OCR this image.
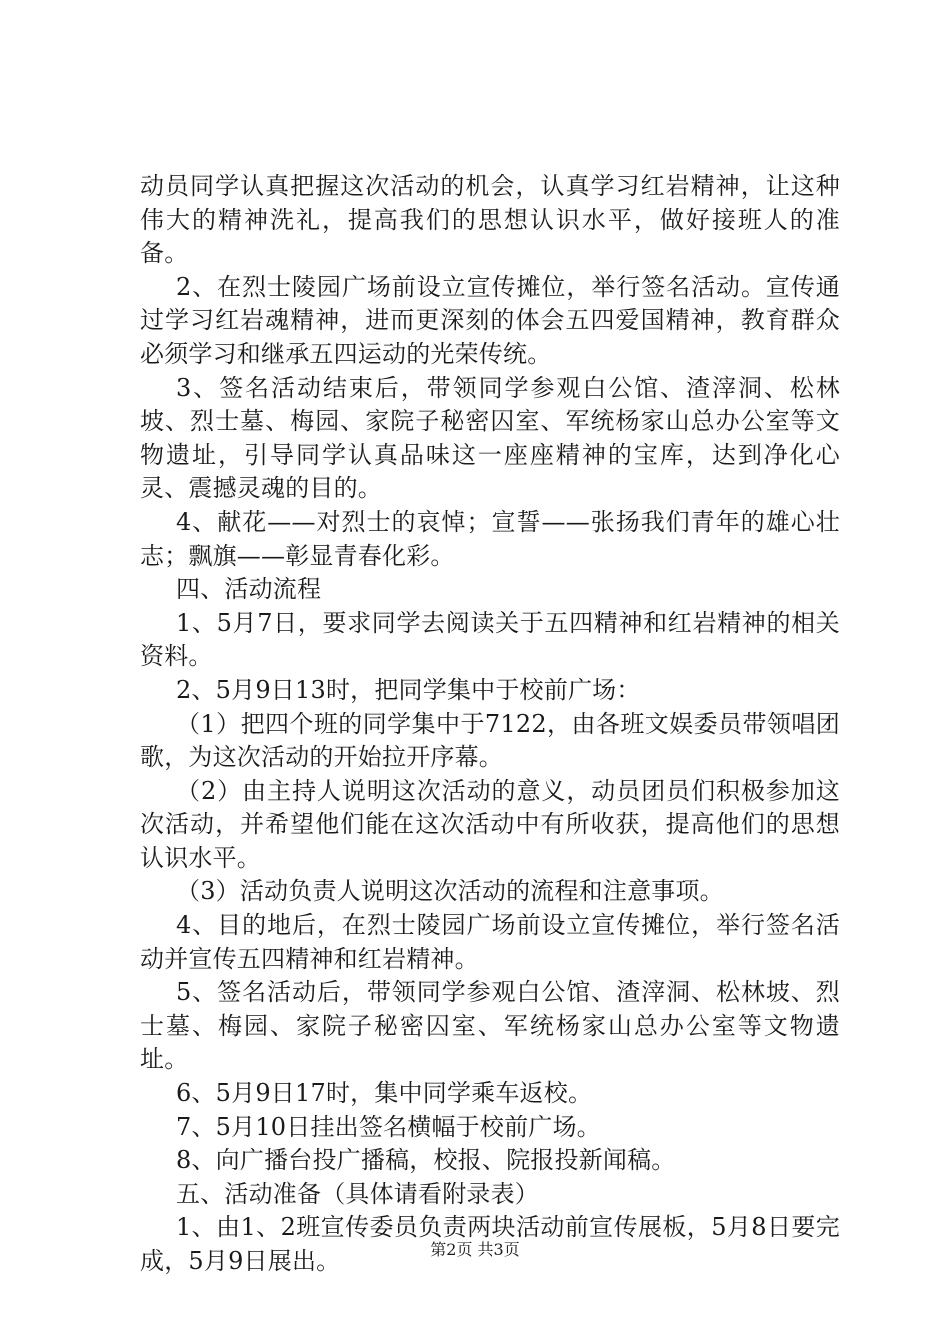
动员同学认真把握这次活动的机会，认真学习红岩精神，让这种伟大的精神洗礼，提高我们的思想认识水平，做好接班人的准备。

2、在烈士陵园广场前设立宣传摊位，举行签名活动。宣传通过学习红岩魂精神，进而更深刻的体会五四爱国精神，教育群众必须学习和继承五四运动的光荣传统。

3、签名活动结束后，带领同学参观白公馆、渣滓洞、松林坡、烈士墓、梅园、家院子秘密囚室、军统杨家山总办公室等文物遗址，引导同学认真品味这一座座精神的宝库，达到净化心灵、震撼灵魂的目的。

4、献花——对烈士的哀悼；宣誓——张扬我们青年的雄心壮志；飘旗——彰显青春化彩。

四、活动流程

1、5月7日，要求同学去阅读关于五四精神和红岩精神的相关资料。

2、5月9日13时，把同学集中于校前广场：

（1）把四个班的同学集中于7122，由各班文娱委员带领唱团歌，为这次活动的开始拉开序幕。

（2）由主持人说明这次活动的意义，动员团员们积极参加这次活动，并希望他们能在这次活动中有所收获，提高他们的思想认识水平。

（3）活动负责人说明这次活动的流程和注意事项。

4、目的地后，在烈士陵园广场前设立宣传摊位，举行签名活动并宣传五四精神和红岩精神。

5、签名活动后，带领同学参观白公馆、渣滓洞、松林坡、烈士墓、梅园、家院子秘密囚室、军统杨家山总办公室等文物遗址。

6、5月9日17时，集中同学乘车返校。

7、5月10日挂出签名横幅于校前广场。

8、向广播台投广播稿，校报、院报投新闻稿。

五、活动准备（具体请看附录表）

1、由1、2班宣传委员负责两块活动前宣传展板，5月8日要完成，5月9日展出。	第2页 共3页
